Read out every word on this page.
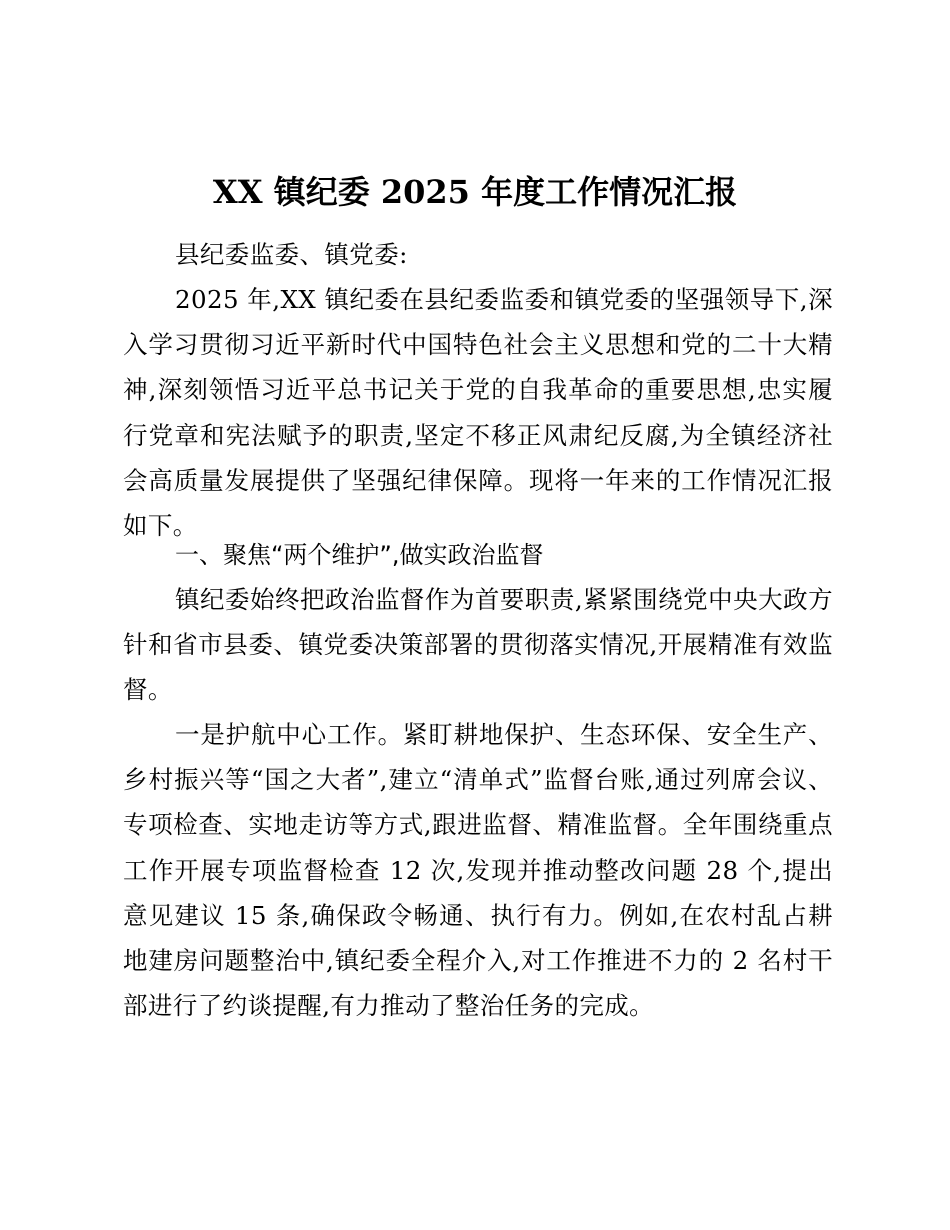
XX 镇纪委 2025 年度工作情况汇报

县纪委监委、镇党委:

2025 年,XX 镇纪委在县纪委监委和镇党委的坚强领导下,深入学习贯彻习近平新时代中国特色社会主义思想和党的二十大精神,深刻领悟习近平总书记关于党的自我革命的重要思想,忠实履行党章和宪法赋予的职责,坚定不移正风肃纪反腐,为全镇经济社会高质量发展提供了坚强纪律保障。现将一年来的工作情况汇报如下。

一、聚焦“两个维护”,做实政治监督

镇纪委始终把政治监督作为首要职责,紧紧围绕党中央大政方针和省市县委、镇党委决策部署的贯彻落实情况,开展精准有效监督。

一是护航中心工作。紧盯耕地保护、生态环保、安全生产、乡村振兴等“国之大者”,建立“清单式”监督台账,通过列席会议、专项检查、实地走访等方式,跟进监督、精准监督。全年围绕重点工作开展专项监督检查 12 次,发现并推动整改问题 28 个,提出意见建议 15 条,确保政令畅通、执行有力。例如,在农村乱占耕地建房问题整治中,镇纪委全程介入,对工作推进不力的 2 名村干部进行了约谈提醒,有力推动了整治任务的完成。
